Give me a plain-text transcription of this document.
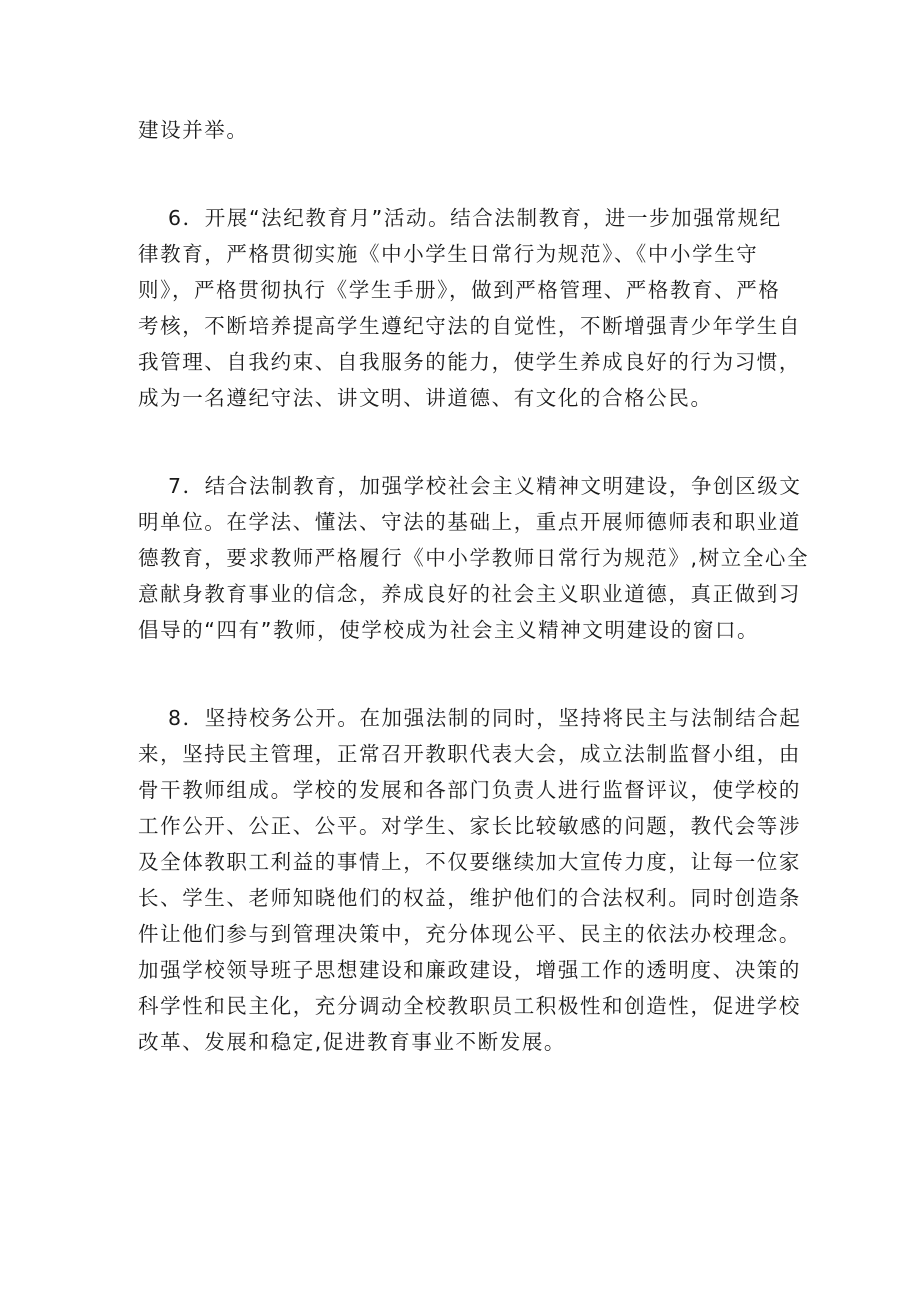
建设并举。
6．开展“法纪教育月”活动。结合法制教育，进一步加强常规纪
律教育，严格贯彻实施《中小学生日常行为规范》、《中小学生守
则》，严格贯彻执行《学生手册》，做到严格管理、严格教育、严格
考核，不断培养提高学生遵纪守法的自觉性，不断增强青少年学生自
我管理、自我约束、自我服务的能力，使学生养成良好的行为习惯，
成为一名遵纪守法、讲文明、讲道德、有文化的合格公民。
7．结合法制教育，加强学校社会主义精神文明建设，争创区级文
明单位。在学法、懂法、守法的基础上，重点开展师德师表和职业道
德教育，要求教师严格履行《中小学教师日常行为规范》,树立全心全
意献身教育事业的信念，养成良好的社会主义职业道德，真正做到习
倡导的“四有”教师，使学校成为社会主义精神文明建设的窗口。
8．坚持校务公开。在加强法制的同时，坚持将民主与法制结合起
来，坚持民主管理，正常召开教职代表大会，成立法制监督小组，由
骨干教师组成。学校的发展和各部门负责人进行监督评议，使学校的
工作公开、公正、公平。对学生、家长比较敏感的问题，教代会等涉
及全体教职工利益的事情上，不仅要继续加大宣传力度，让每一位家
长、学生、老师知晓他们的权益，维护他们的合法权利。同时创造条
件让他们参与到管理决策中，充分体现公平、民主的依法办校理念。
加强学校领导班子思想建设和廉政建设，增强工作的透明度、决策的
科学性和民主化，充分调动全校教职员工积极性和创造性，促进学校
改革、发展和稳定,促进教育事业不断发展。
